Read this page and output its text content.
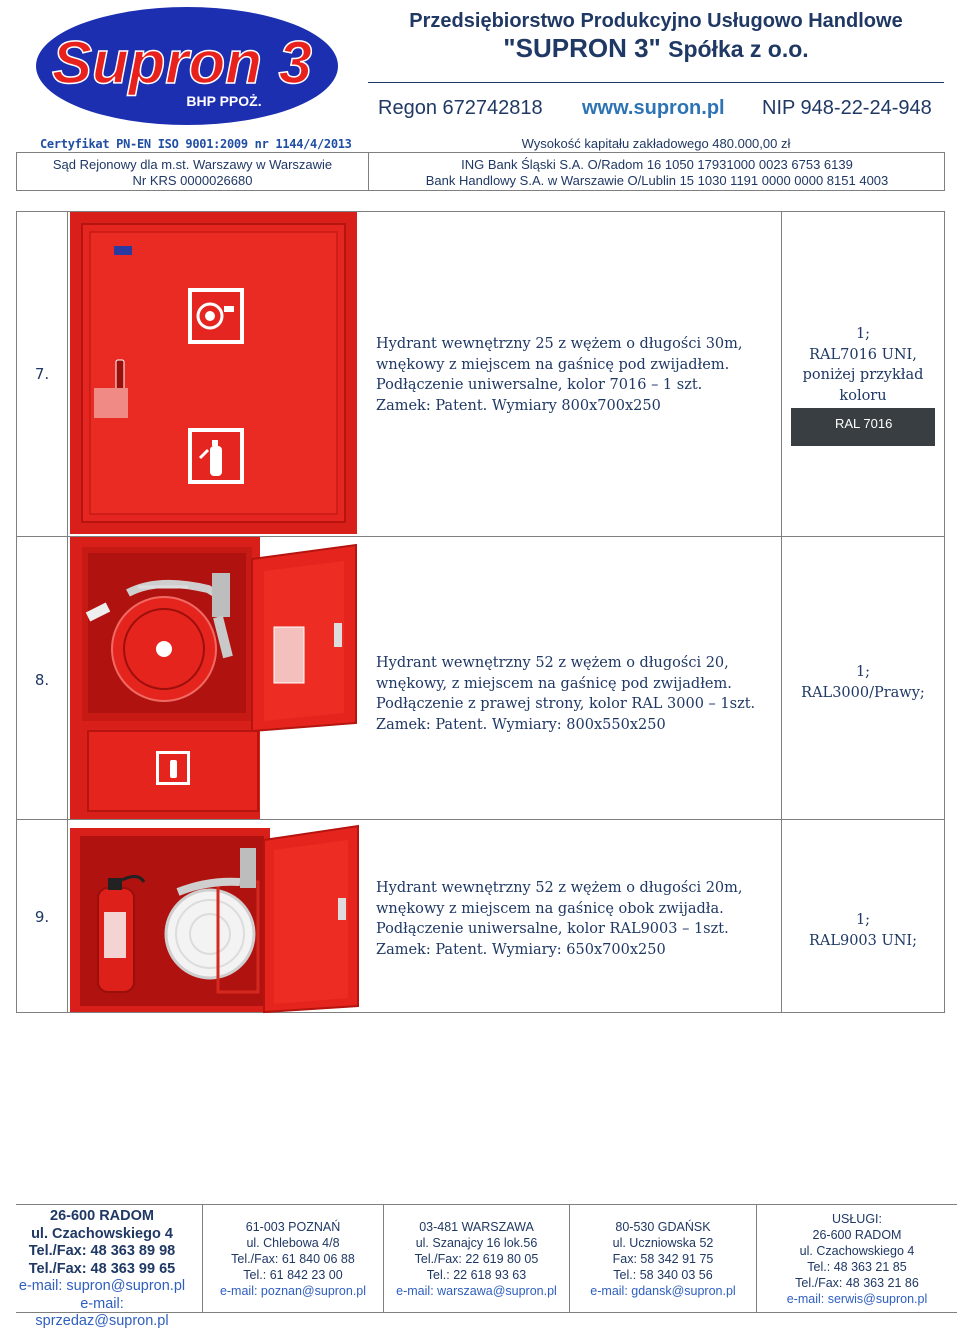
Supron 3
BHP PPOŻ.
Przedsiębiorstwo Produkcyjno Usługowo Handlowe
"SUPRON 3" Spółka z o.o.
Regon 672742818 www.supron.pl NIP 948-22-24-948
Certyfikat PN-EN ISO 9001:2009 nr 1144/4/2013	Wysokość kapitału zakładowego 480.000,00 zł
Sąd Rejonowy dla m.st. Warszawy w Warszawie
Nr KRS 0000026680
ING Bank Śląski S.A. O/Radom 16 1050 17931000 0023 6753 6139
Bank Handlowy S.A. w Warszawie O/Lublin 15 1030 1191 0000 0000 8151 4003
7.
Hydrant wewnętrzny 25 z wężem o długości 30m,
wnękowy z miejscem na gaśnicę pod zwijadłem.
Podłączenie uniwersalne, kolor 7016 – 1 szt.
Zamek: Patent. Wymiary 800x700x250
1;
RAL7016 UNI,
poniżej przykład
koloru
RAL 7016
8.
Hydrant wewnętrzny 52 z wężem o długości 20,
wnękowy, z miejscem na gaśnicę pod zwijadłem.
Podłączenie z prawej strony, kolor RAL 3000 – 1szt.
Zamek: Patent. Wymiary: 800x550x250
1;
RAL3000/Prawy;
9.
Hydrant wewnętrzny 52 z wężem o długości 20m,
wnękowy z miejscem na gaśnicę obok zwijadła.
Podłączenie uniwersalne, kolor RAL9003 – 1szt.
Zamek: Patent. Wymiary: 650x700x250
1;
RAL9003 UNI;
26-600 RADOM
ul. Czachowskiego 4
Tel./Fax: 48 363 89 98
Tel./Fax: 48 363 99 65
e-mail: supron@supron.pl
e-mail: sprzedaz@supron.pl
61-003 POZNAŃ
ul. Chlebowa 4/8
Tel./Fax: 61 840 06 88
Tel.: 61 842 23 00
e-mail: poznan@supron.pl
03-481 WARSZAWA
ul. Szanajcy 16 lok.56
Tel./Fax: 22 619 80 05
Tel.: 22 618 93 63
e-mail: warszawa@supron.pl
80-530 GDAŃSK
ul. Uczniowska 52
Fax: 58 342 91 75
Tel.: 58 340 03 56
e-mail: gdansk@supron.pl
USŁUGI:
26-600 RADOM
ul. Czachowskiego 4
Tel.: 48 363 21 85
Tel./Fax: 48 363 21 86
e-mail: serwis@supron.pl
